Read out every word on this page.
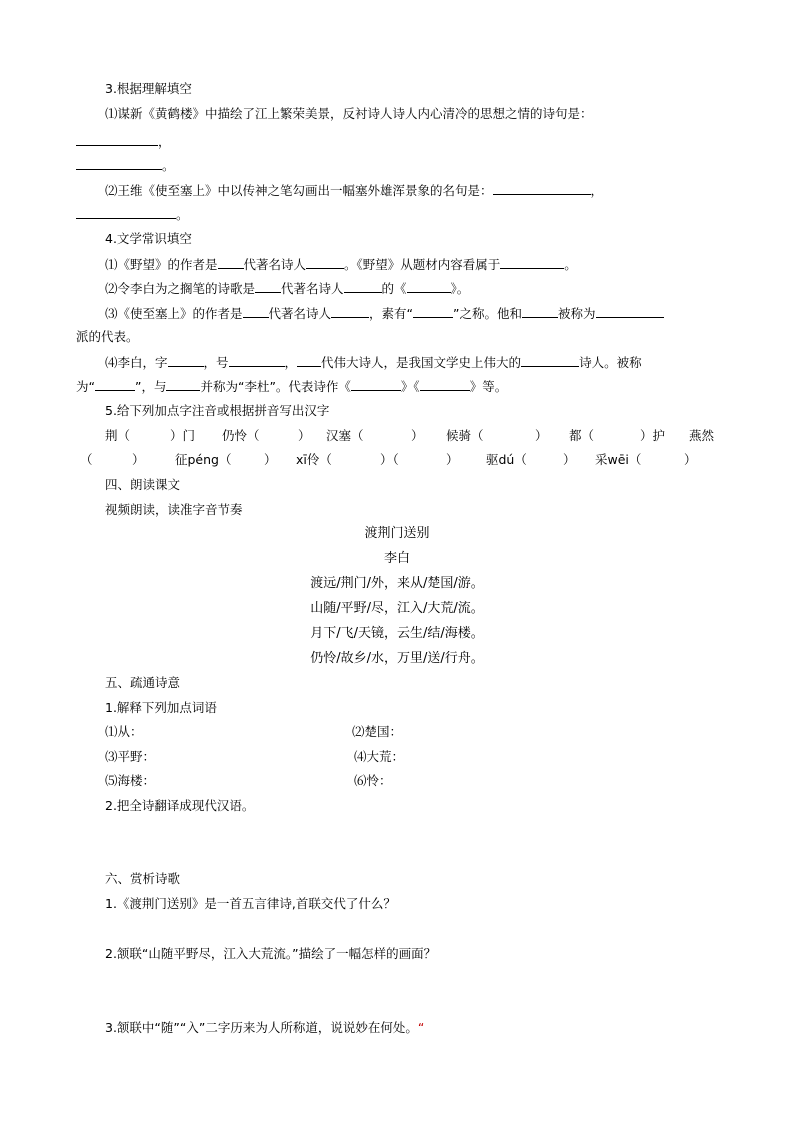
3.根据理解填空
⑴谋新《黄鹤楼》中描绘了江上繁荣美景，反衬诗人诗人内心清冷的思想之情的诗句是：
，
。
⑵王维《使至塞上》中以传神之笔勾画出一幅塞外雄浑景象的名句是：	，
。
4.文学常识填空
⑴《野望》的作者是 代著名诗人	。《野望》从题材内容看属于	。
⑵令李白为之搁笔的诗歌是 代著名诗人	的《	》。
⑶《使至塞上》的作者是 代著名诗人	，素有“	”之称。他和	被称为
派的代表。
⑷李白，字	，号	， 代伟大诗人，是我国文学史上伟大的	诗人。被称
为“	”，与	并称为“李杜”。代表诗作《	》《	》等。
5.给下列加点字注音或根据拼音写出汉字
荆（	）门 仍怜（	） 汉塞（	） 候骑（	） 都（	）护 燕然
（	） 征péng（	） xī伶（	）（	） 驱dú（	） 采wēi（	）
四、朗读课文
视频朗读，读准字音节奏
渡荆门送别
李白
渡远/荆门/外，来从/楚国/游。
山随/平野/尽，江入/大荒/流。
月下/飞/天镜，云生/结/海楼。
仍怜/故乡/水，万里/送/行舟。
五、疏通诗意
1.解释下列加点词语
⑴从：	⑵楚国：
⑶平野：	⑷大荒：
⑸海楼：	⑹怜：
2.把全诗翻译成现代汉语。
六、赏析诗歌
1.《渡荆门送别》是一首五言律诗,首联交代了什么？
2.颔联“山随平野尽，江入大荒流。”描绘了一幅怎样的画面？
3.颔联中“随”“入”二字历来为人所称道，说说妙在何处。“
